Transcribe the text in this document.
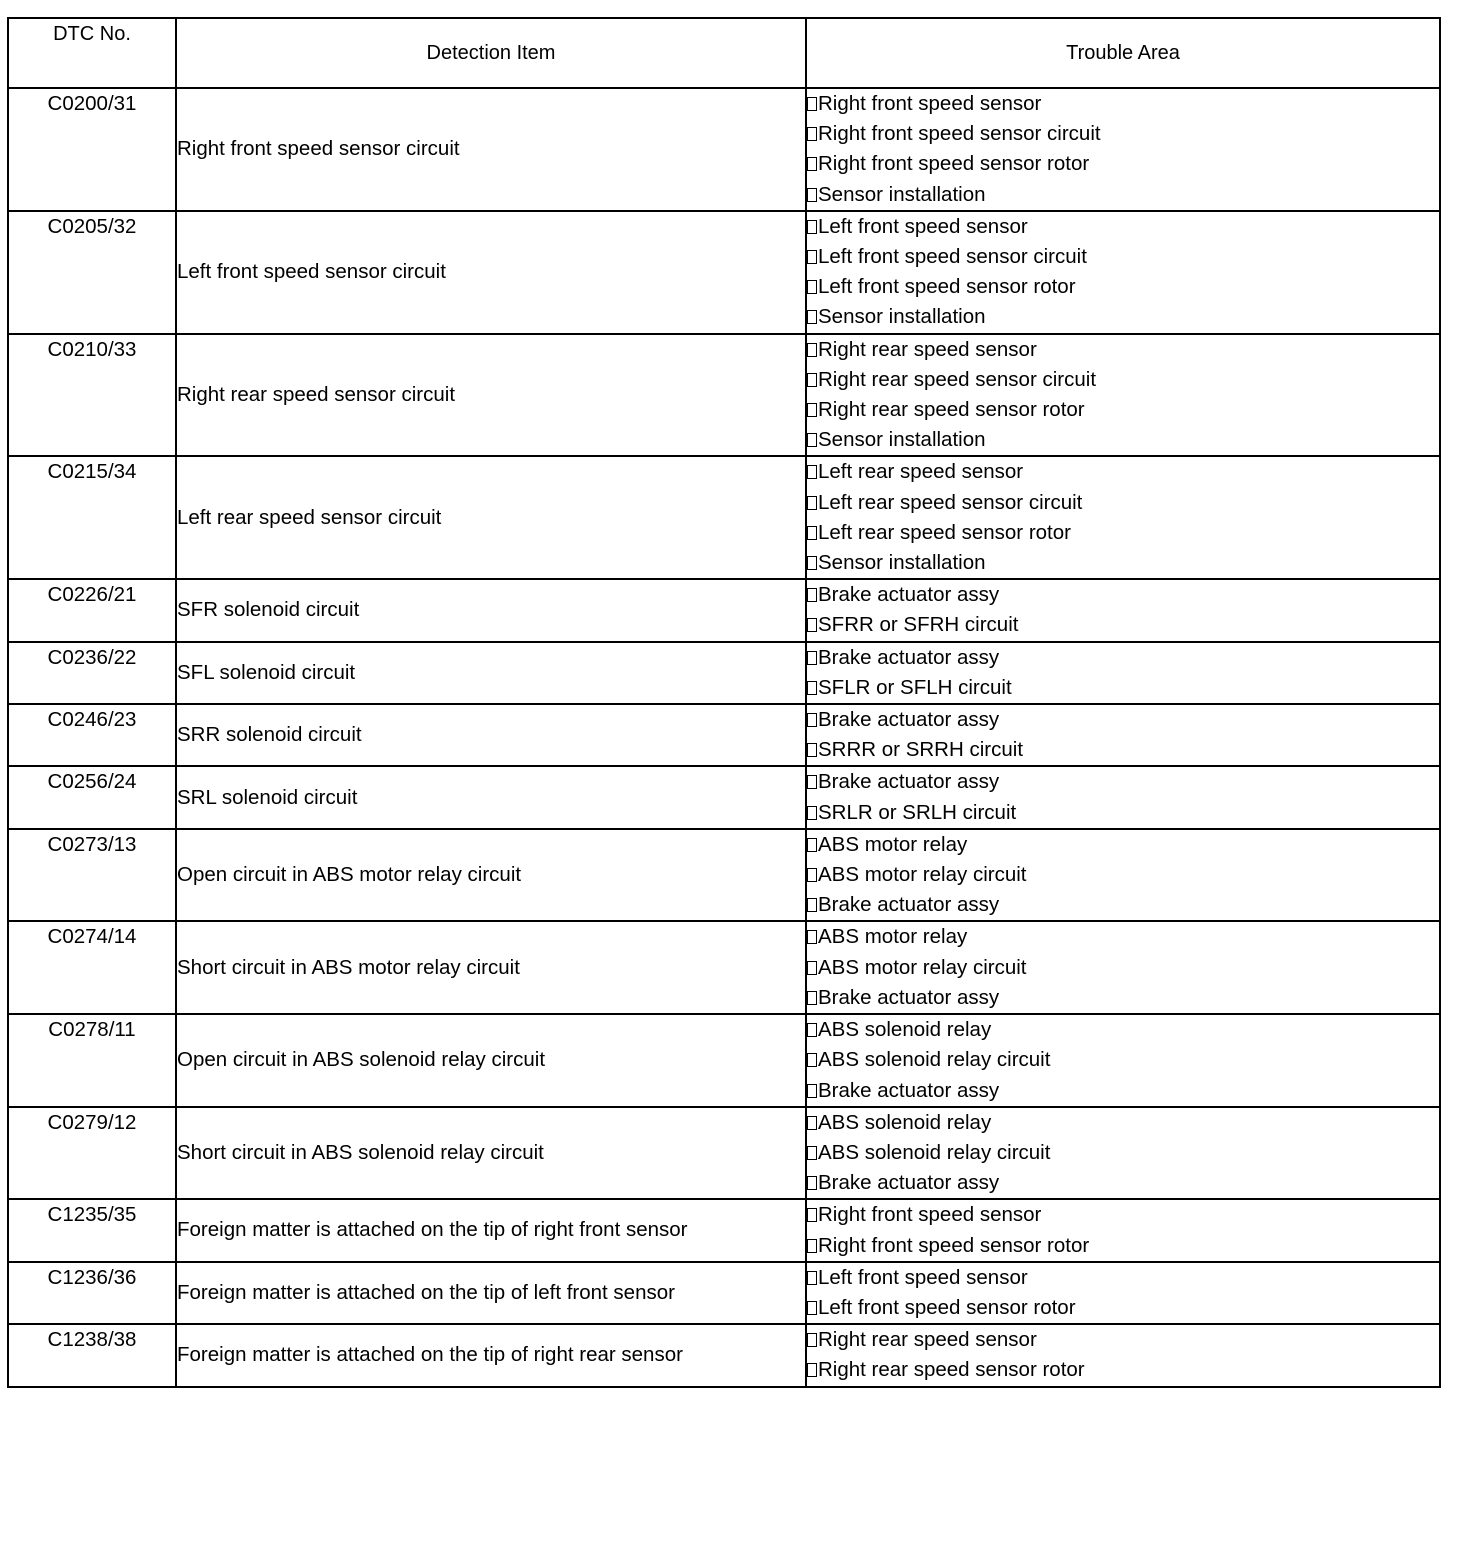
DTC No.	Detection Item	Trouble Area
C0200/31	Right front speed sensor circuit	Right front speed sensor
Right front speed sensor circuit
Right front speed sensor rotor
Sensor installation

C0205/32	Left front speed sensor circuit	Left front speed sensor
Left front speed sensor circuit
Left front speed sensor rotor
Sensor installation

C0210/33	Right rear speed sensor circuit	Right rear speed sensor
Right rear speed sensor circuit
Right rear speed sensor rotor
Sensor installation

C0215/34	Left rear speed sensor circuit	Left rear speed sensor
Left rear speed sensor circuit
Left rear speed sensor rotor
Sensor installation

C0226/21	SFR solenoid circuit	Brake actuator assy
SFRR or SFRH circuit

C0236/22	SFL solenoid circuit	Brake actuator assy
SFLR or SFLH circuit

C0246/23	SRR solenoid circuit	Brake actuator assy
SRRR or SRRH circuit

C0256/24	SRL solenoid circuit	Brake actuator assy
SRLR or SRLH circuit

C0273/13	Open circuit in ABS motor relay circuit	ABS motor relay
ABS motor relay circuit
Brake actuator assy

C0274/14	Short circuit in ABS motor relay circuit	ABS motor relay
ABS motor relay circuit
Brake actuator assy

C0278/11	Open circuit in ABS solenoid relay circuit	ABS solenoid relay
ABS solenoid relay circuit
Brake actuator assy

C0279/12	Short circuit in ABS solenoid relay circuit	ABS solenoid relay
ABS solenoid relay circuit
Brake actuator assy

C1235/35	Foreign matter is attached on the tip of right front sensor	Right front speed sensor
Right front speed sensor rotor

C1236/36	Foreign matter is attached on the tip of left front sensor	Left front speed sensor
Left front speed sensor rotor

C1238/38	Foreign matter is attached on the tip of right rear sensor	Right rear speed sensor
Right rear speed sensor rotor
